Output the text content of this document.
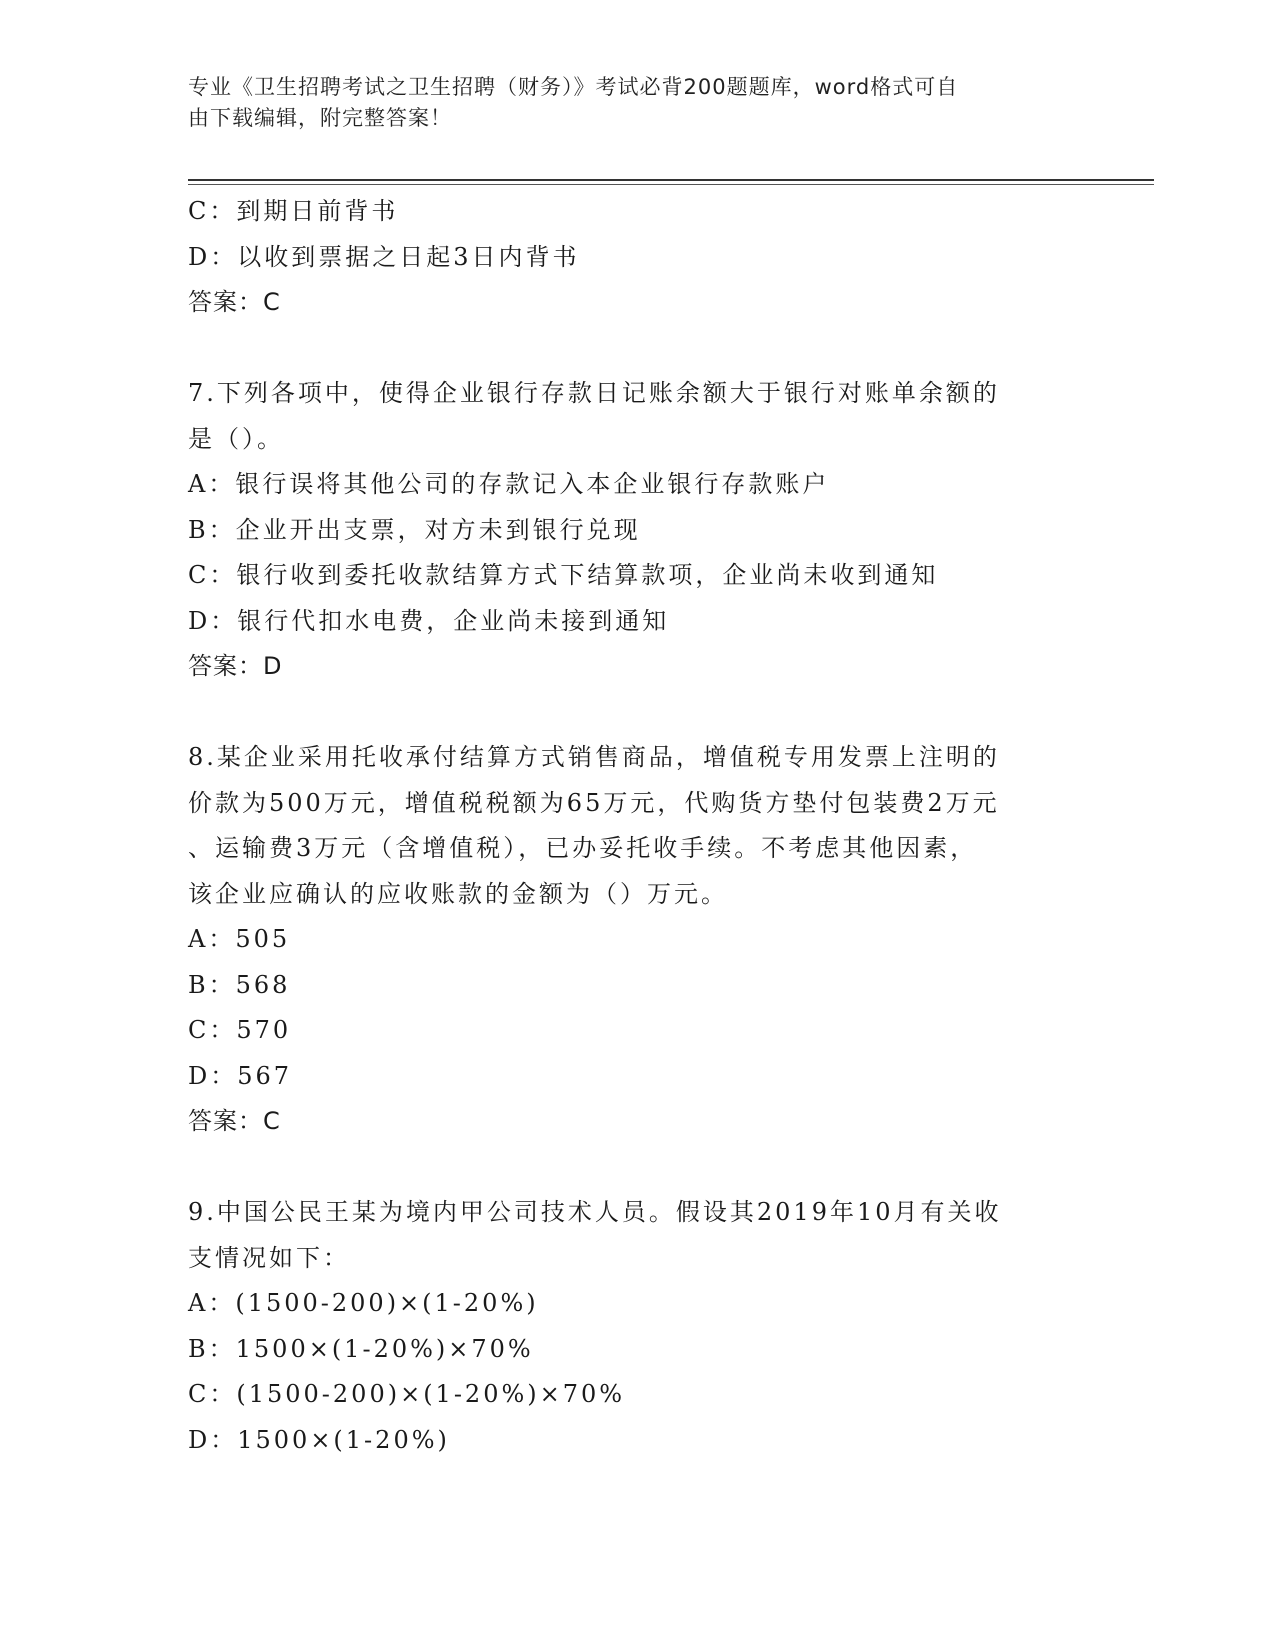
专业《卫生招聘考试之卫生招聘（财务）》考试必背200题题库，word格式可自
由下载编辑，附完整答案！
C：到期日前背书
D：以收到票据之日起3日内背书
答案：C
7.下列各项中，使得企业银行存款日记账余额大于银行对账单余额的
是（）。
A：银行误将其他公司的存款记入本企业银行存款账户
B：企业开出支票，对方未到银行兑现
C：银行收到委托收款结算方式下结算款项，企业尚未收到通知
D：银行代扣水电费，企业尚未接到通知
答案：D
8.某企业采用托收承付结算方式销售商品，增值税专用发票上注明的
价款为500万元，增值税税额为65万元，代购货方垫付包装费2万元
、运输费3万元（含增值税），已办妥托收手续。不考虑其他因素，
该企业应确认的应收账款的金额为（）万元。
A：505
B：568
C：570
D：567
答案：C
9.中国公民王某为境内甲公司技术人员。假设其2019年10月有关收
支情况如下：
A：(1500-200)×(1-20%)
B：1500×(1-20%)×70%
C：(1500-200)×(1-20%)×70%
D：1500×(1-20%)
